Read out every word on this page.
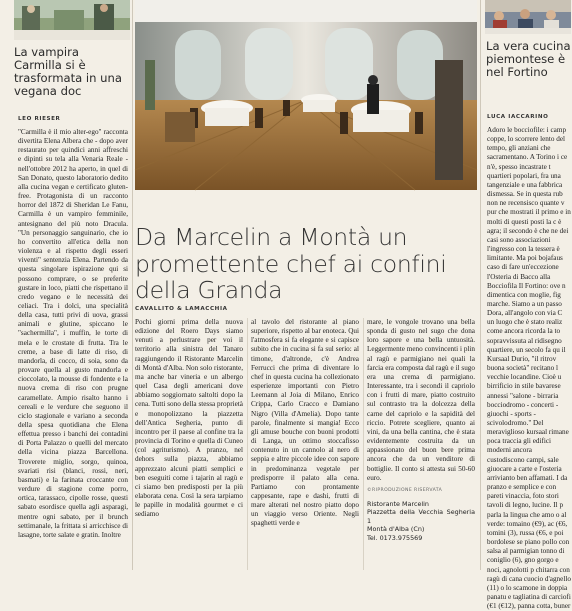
La vampira Carmilla si è trasformata in una vegana doc
LEO RIESER

"Carmilla è il mio alter-ego" racconta divertita Elena Albera che - dopo aver restaurato per quindici anni affreschi e dipinti su tela alla Venaria Reale - nell'ottobre 2012 ha aperto, in quel di San Donato, questo laboratorio dedito alla cucina vegan e certificato gluten-free. Protagonista di un racconto horror del 1872 di Sheridan Le Fanu, Carmilla è un vampiro femminile, antesignano del più noto Dracula. "Un personaggio sanguinario, che io ho convertito all'etica della non violenza e al rispetto degli esseri viventi" sentenzia Elena. Partendo da questa singolare ispirazione qui si possono comprare, o se preferite gustare in loco, piatti che rispettano il credo vegano e le necessità dei celiaci. Tra i dolci, una specialità della casa, tutti privi di uova, grassi animali e glutine, spiccano le "sachermilla", i muffin, le torte di mela e le crostate di frutta. Tra le creme, a base di latte di riso, di mandorla, di cocco, di soia, sono da provare quella al gusto mandorla e cioccolato, la mousse di fondente e la nuova crema di riso con prugne caramellate. Ampio risalto hanno i cereali e le verdure che seguono il ciclo stagionale e variano a seconda della spesa quotidiana che Elena effettua presso i banchi dei contadini di Porta Palazzo o quelli del mercato della vicina piazza Barcellona. Troverete miglio, sorgo, quinoa, svariati risi (blanci, rossi, neri, basmati) e la farinata croccante con verdure di stagione come porro, ortica, tarassaco, cipolle rosse, questi sabato esordisce quella agli asparagi, mentre ogni sabato, per il brunch settimanale, la frittata si arricchisce di lasagne, torte salate e gratin. Inoltre

Da Marcelin a Montà un promettente chef ai confini della Granda
CAVALLITO & LAMACCHIA

Pochi giorni prima della nuova edizione del Roero Days siamo venuti a perlustrare per voi il territorio alla sinistra del Tanaro raggiungendo il Ristorante Marcelin di Montà d'Alba. Non solo ristorante, ma anche bar vineria e un albergo quel Casa degli americani dove abbiamo soggiornato saltolti dopo la cena. Tutti sono della stessa proprietà e monopolizzano la piazzetta dell'Antica Segheria, punto di incontro per il paese al confine tra la provincia di Torino e quella di Cuneo (col agriturismo). A pranzo, nel dehors sulla piazza, abbiamo apprezzato alcuni piatti semplici e ben eseguiti come i tajarin al ragù e ci siamo ben predisposti per la più elaborata cena. Così la sera tarpiamo le papille in modalità gourmet e ci sediamo

al tavolo del ristorante al piano superiore, rispetto al bar enoteca. Qui l'atmosfera si fa elegante e si capisce subito che in cucina si fa sul serio: al timone, d'altronde, c'è Andrea Ferrucci che prima di diventare lo chef in questa cucina ha collezionato esperienze importanti con Pietro Leemann al Joia di Milano, Enrico Crippa, Carlo Cracco e Damiano Nigro (Villa d'Amelia). Dopo tante parole, finalmente si mangia! Ecco gli amuse bouche con buoni prodotti di Langa, un ottimo stoccafisso contenuto in un cannolo al nero di seppia e altre piccole idee con sapore in predominanza vegetale per predisporre il palato alla cena. Partiamo con prontamente cappesante, rape e dashi, frutti di mare alterati nel nostro piatto dopo un viaggio verso Oriente. Negli spaghetti verde e

mare, le vongole trovano una bella sponda di gusto nel sugo che dona loro sapore e una bella untuosità. Leggermente meno convincenti i plin al ragù e parmigiano nei quali la farcia era composta dal ragù e il sugo era una crema di parmigiano. Interessante, tra i secondi il capriolo con i frutti di mare, piatto costruito sul contrasto tra la dolcezza della carne del capriolo e la sapidità del riccio. Potrete scegliere, quanto ai vini, da una bella cantina, che è stata evidentemente costruita da un appassionato del buon bere prima ancora che da un venditore di bottiglie. Il conto si attesta sui 50-60 euro.

©RIPRODUZIONE RISERVATA
Ristorante Marcelin
Piazzetta della Vecchia Segheria 1
Montà d'Alba (Cn)
Tel. 0173.975569
La vera cucina piemontese è nel Fortino
LUCA IACCARINO

Adoro le bocciofile: i camp coppe, lo scorrere lento del tempo, gli anziani che sacramentano. A Torino i ce n'è, spesso incastrate t quartieri popolari, fra una tangenziale e una fabbrica dismessa. Se in questa rub non ne recensisco quante v pur che mostrati il primo e in molti di questi posti la c è agra; il secondo è che ne dei casi sono associazioni l'ingresso con la tessera è limitante. Ma poi bojafaus caso di fare un'eccezione l'Osteria di Bacco alla Bocciofila Il Fortino: ove n dimentica con moglie, fig marche. Siamo a un passo Dora, all'angolo con via C un luogo che è stato realiz come ancora ricorda la to sopravvissuta al ridisegno quartiere, un secolo fa qu il Kursaal Durio, "il ritrov buona società" recitano l vecchie locandine. Cioè u birrificio in stile bavarese annessi "salone - birraria bocciodromo - concerti - giuochi - sports - scivolodromo." Del meraviglioso kursaal rimane poca traccia gli edifici moderni ancora custodiscono campi, sale giuocare a carte e l'osteria arrivianto ben affamati. I da pranzo e semplice e con pareti vinaccia, foto stori tavoli di legno, lucine. Il p parla la lingua che amo o al verde: tomaino (€9), ac (€6, tomini (3), russa (€6, e poi bordolese se piano pollo con salsa al parmigian tonno di coniglio (6), gno gorgo e noci, agnolotti p chitarra con ragù di cana cuocio d'agnello (11) o lo scamone in doppia panatu e tagliatina di carciofi (€1 (€12), panna cotta, buner
